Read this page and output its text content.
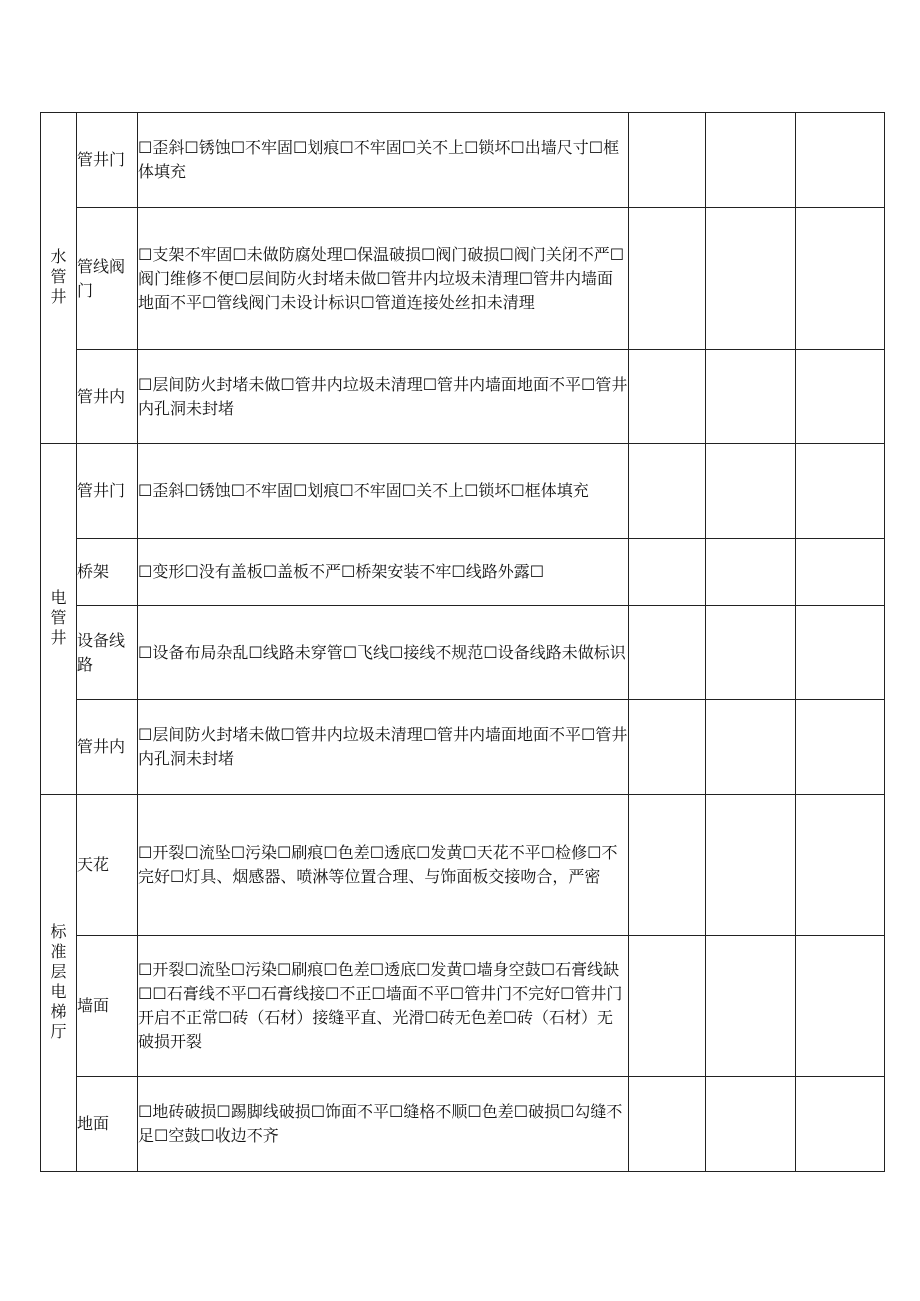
水管井	管井门	☐歪斜☐锈蚀☐不牢固☐划痕☐不牢固☐关不上☐锁坏☐出墙尺寸☐框体填充			
	管线阀门	☐支架不牢固☐未做防腐处理☐保温破损☐阀门破损☐阀门关闭不严☐阀门维修不便☐层间防火封堵未做☐管井内垃圾未清理☐管井内墙面地面不平☐管线阀门未设计标识☐管道连接处丝扣未清理			
	管井内	☐层间防火封堵未做☐管井内垃圾未清理☐管井内墙面地面不平☐管井内孔洞未封堵			
电管井	管井门	☐歪斜☐锈蚀☐不牢固☐划痕☐不牢固☐关不上☐锁坏☐框体填充			
	桥架	☐变形☐没有盖板☐盖板不严☐桥架安装不牢☐线路外露☐			
	设备线路	☐设备布局杂乱☐线路未穿管☐飞线☐接线不规范☐设备线路未做标识			
	管井内	☐层间防火封堵未做☐管井内垃圾未清理☐管井内墙面地面不平☐管井内孔洞未封堵			
标准层电梯厅	天花	☐开裂☐流坠☐污染☐刷痕☐色差☐透底☐发黄☐天花不平☐检修☐不完好☐灯具、烟感器、喷淋等位置合理、与饰面板交接吻合，严密			
	墙面	☐开裂☐流坠☐污染☐刷痕☐色差☐透底☐发黄☐墙身空鼓☐石膏线缺☐☐石膏线不平☐石膏线接☐不正☐墙面不平☐管井门不完好☐管井门开启不正常☐砖（石材）接缝平直、光滑☐砖无色差☐砖（石材）无破损开裂			
	地面	☐地砖破损☐踢脚线破损☐饰面不平☐缝格不顺☐色差☐破损☐勾缝不足☐空鼓☐收边不齐			
